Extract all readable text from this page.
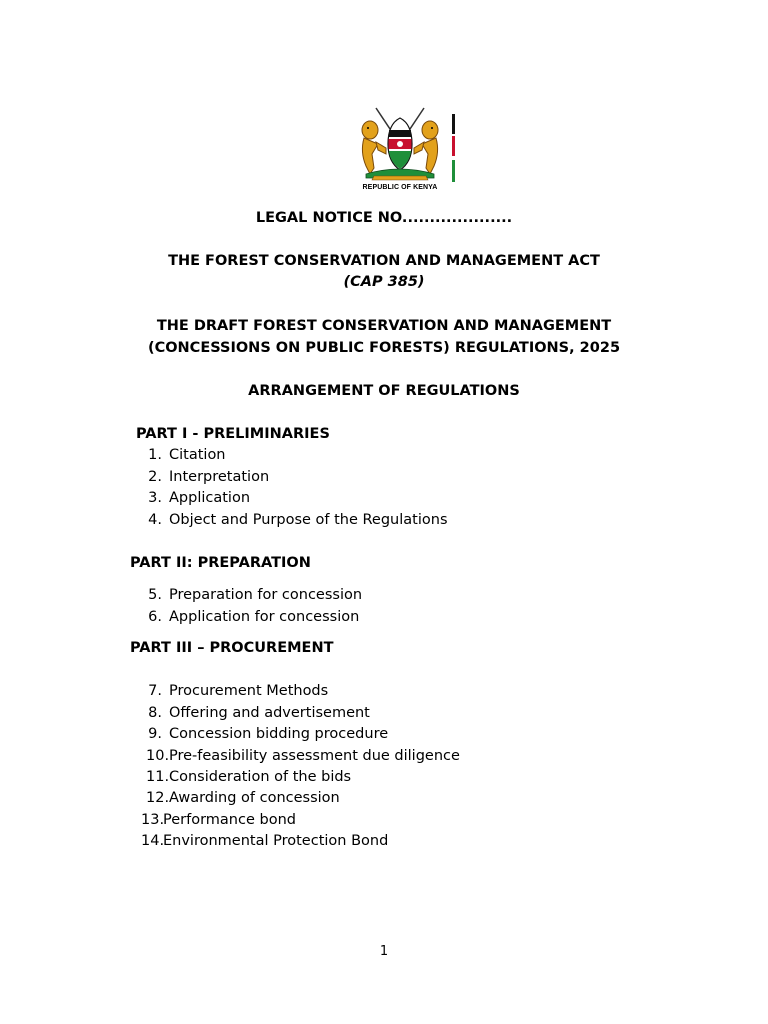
REPUBLIC OF KENYA
LEGAL NOTICE NO....................
THE FOREST CONSERVATION AND MANAGEMENT ACT
(CAP 385)
THE DRAFT FOREST CONSERVATION AND MANAGEMENT
(CONCESSIONS ON PUBLIC FORESTS) REGULATIONS, 2025
ARRANGEMENT OF REGULATIONS
PART I - PRELIMINARIES
1. Citation
2. Interpretation
3. Application
4. Object and Purpose of the Regulations
PART II: PREPARATION
5. Preparation for concession
6. Application for concession
PART III – PROCUREMENT
7. Procurement Methods
8. Offering and advertisement
9. Concession bidding procedure
10.Pre-feasibility assessment due diligence
11.Consideration of the bids
12.Awarding of concession
13.Performance bond
14.Environmental Protection Bond
1
